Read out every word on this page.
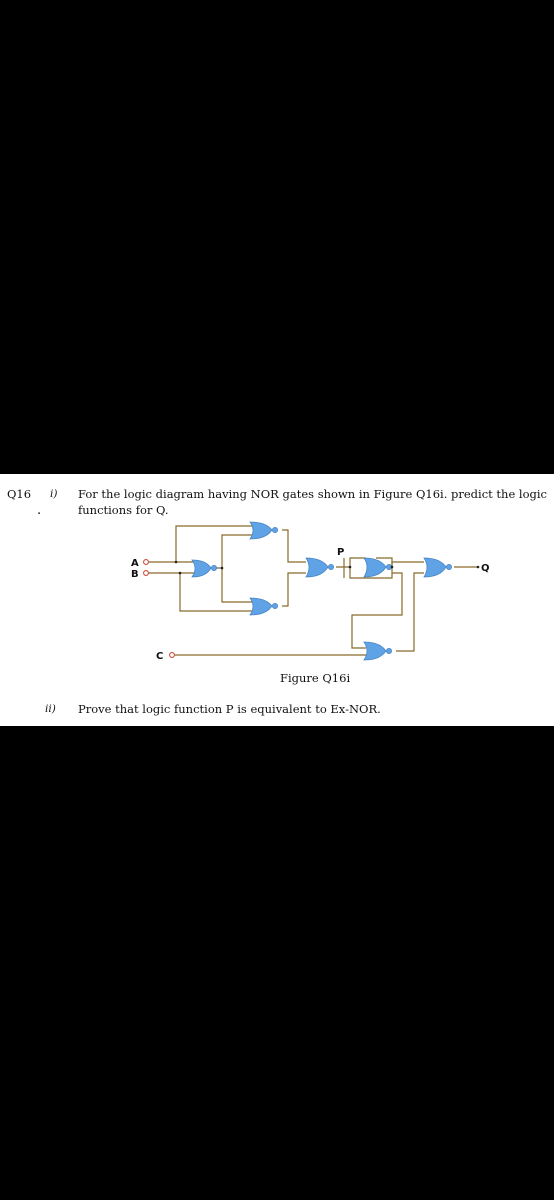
Q16
.
i) For the logic diagram having NOR gates shown in Figure Q16i. predict the logic
functions for Q.
A
B
C
P
Q
Figure Q16i
ii) Prove that logic function P is equivalent to Ex-NOR.
